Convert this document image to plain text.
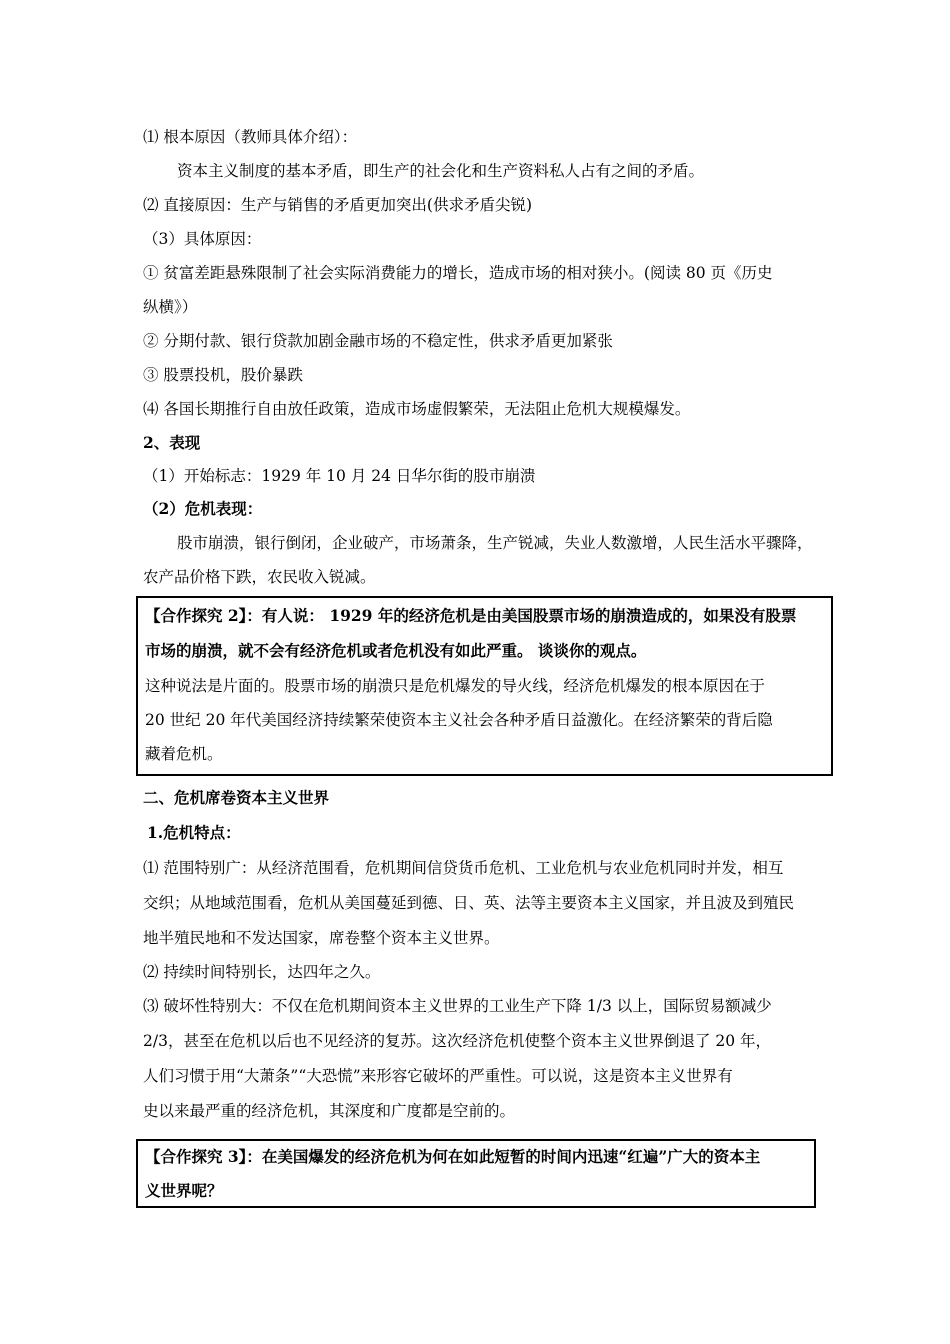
⑴ 根本原因（教师具体介绍）：
资本主义制度的基本矛盾，即生产的社会化和生产资料私人占有之间的矛盾。
⑵ 直接原因：生产与销售的矛盾更加突出(供求矛盾尖锐)
（3）具体原因：
① 贫富差距悬殊限制了社会实际消费能力的增长，造成市场的相对狭小。(阅读 80 页《历史
纵横》）
② 分期付款、银行贷款加剧金融市场的不稳定性，供求矛盾更加紧张
③ 股票投机，股价暴跌
⑷ 各国长期推行自由放任政策，造成市场虚假繁荣，无法阻止危机大规模爆发。
2、表现
（1）开始标志：1929 年 10 月 24 日华尔街的股市崩溃
（2）危机表现：
股市崩溃，银行倒闭，企业破产，市场萧条，生产锐减，失业人数激增，人民生活水平骤降，
农产品价格下跌，农民收入锐减。
【合作探究 2】：有人说： 1929 年的经济危机是由美国股票市场的崩溃造成的，如果没有股票
市场的崩溃，就不会有经济危机或者危机没有如此严重。 谈谈你的观点。
这种说法是片面的。股票市场的崩溃只是危机爆发的导火线，经济危机爆发的根本原因在于
20 世纪 20 年代美国经济持续繁荣使资本主义社会各种矛盾日益激化。在经济繁荣的背后隐
藏着危机。
二、危机席卷资本主义世界
1.危机特点：
⑴ 范围特别广：从经济范围看，危机期间信贷货币危机、工业危机与农业危机同时并发，相互
交织；从地域范围看，危机从美国蔓延到德、日、英、法等主要资本主义国家，并且波及到殖民
地半殖民地和不发达国家，席卷整个资本主义世界。
⑵ 持续时间特别长，达四年之久。
⑶ 破坏性特别大：不仅在危机期间资本主义世界的工业生产下降 1/3 以上，国际贸易额减少
2/3，甚至在危机以后也不见经济的复苏。这次经济危机使整个资本主义世界倒退了 20 年，
人们习惯于用“大萧条”“大恐慌”来形容它破坏的严重性。可以说，这是资本主义世界有
史以来最严重的经济危机，其深度和广度都是空前的。
【合作探究 3】：在美国爆发的经济危机为何在如此短暂的时间内迅速“红遍”广大的资本主
义世界呢？
